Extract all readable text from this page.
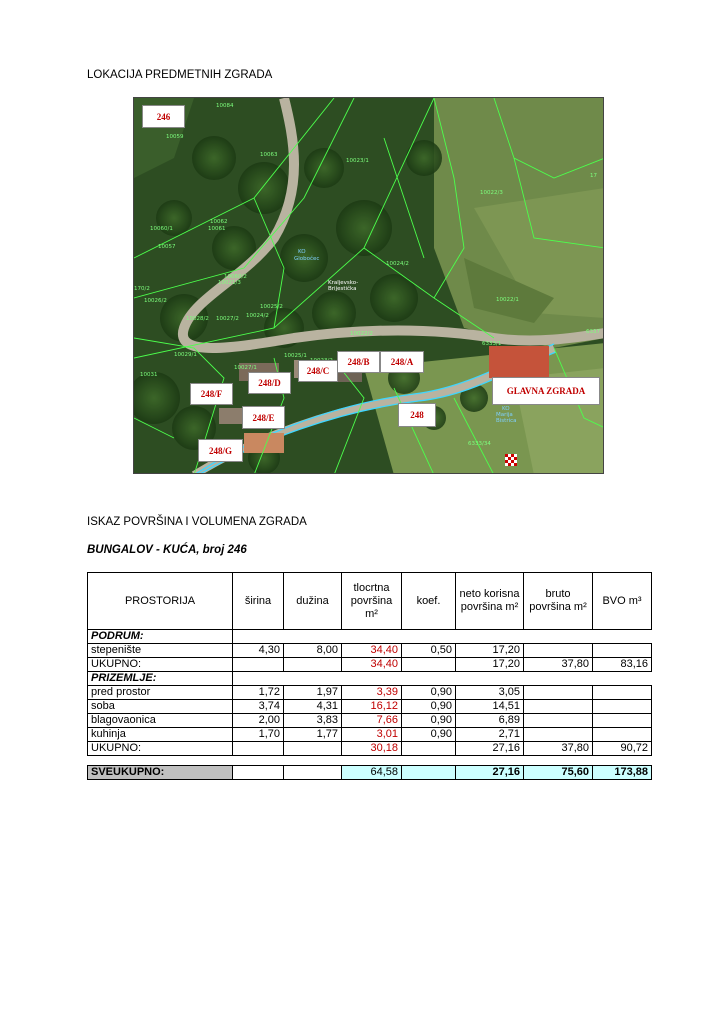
LOKACIJA PREDMETNIH ZGRADA

10084
10059
10063
10023/1
10022/3
10062
10060/1	10061
10057
10024/2
10060/2
10021/3
170/2
10026/2
10025/2
10028/2 10027/2 10024/2
10022/2
10022/1
10029/1
10027/1
10025/1
10031
6333/1
6333/34
6337
17
KO
Globočec
Kraljevsko-
Brijestička
KO
Marija
Bistrica
246
248/B	248/A
248/C
248/D
248/F	GLAVNA ZGRADA
248/E	248
248/G

ISKAZ POVRŠINA I VOLUMENA ZGRADA

BUNGALOV - KUĆA, broj 246

PROSTORIJA	širina	dužina	tlocrtna površina m²	koef.	neto korisna površina m²	bruto površina m²	BVO m³
PODRUM:							
stepenište	4,30	8,00	34,40	0,50	17,20		
UKUPNO:			34,40		17,20	37,80	83,16
PRIZEMLJE:							
pred prostor	1,72	1,97	3,39	0,90	3,05		
soba	3,74	4,31	16,12	0,90	14,51		
blagovaonica	2,00	3,83	7,66	0,90	6,89		
kuhinja	1,70	1,77	3,01	0,90	2,71		
UKUPNO:			30,18		27,16	37,80	90,72

SVEUKUPNO:			64,58		27,16	75,60	173,88
